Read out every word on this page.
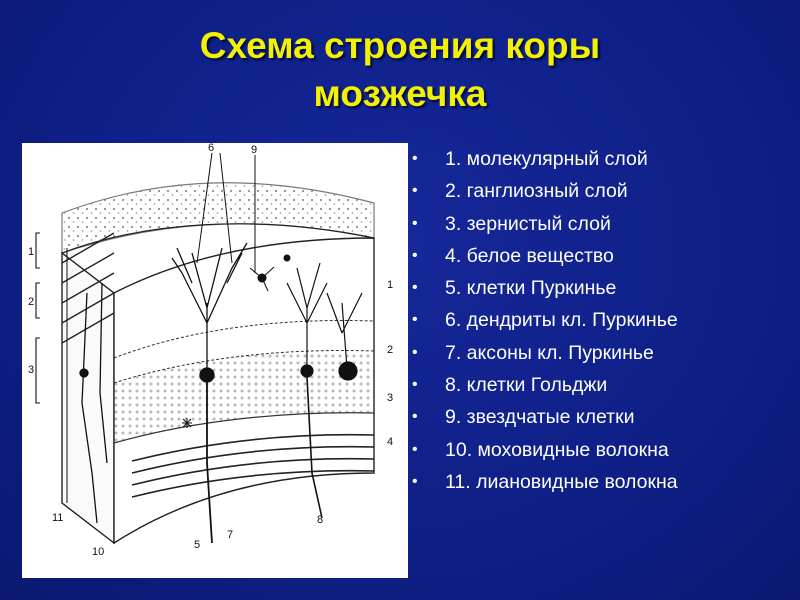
Схема строения коры
мозжечка
1
2
3
11
10
1
2
3
4
8
6	9
5
7
• 1. молекулярный слой
• 2. ганглиозный слой
• 3. зернистый слой
• 4. белое вещество
• 5. клетки Пуркинье
• 6. дендриты кл. Пуркинье
• 7. аксоны кл. Пуркинье
• 8. клетки Гольджи
• 9. звездчатые клетки
• 10. моховидные волокна
• 11. лиановидные волокна
